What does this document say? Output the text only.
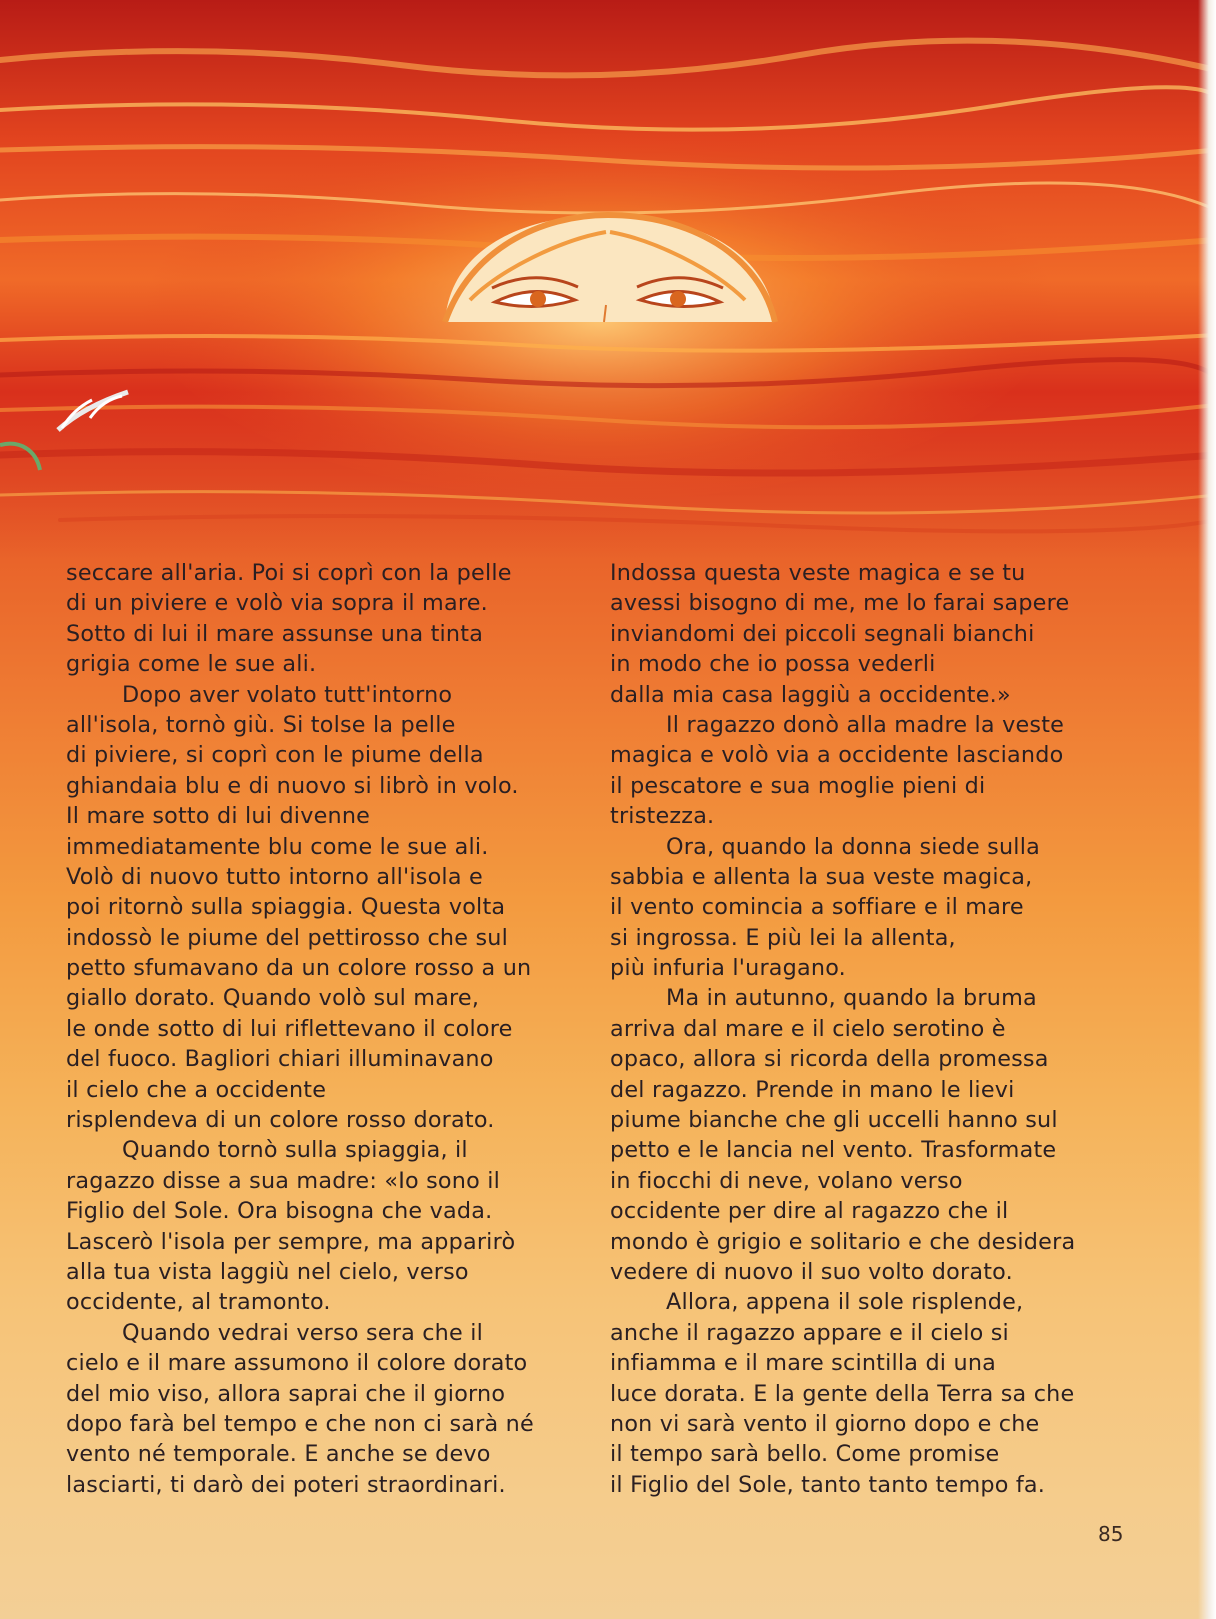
seccare all'aria. Poi si coprì con la pelle
di un piviere e volò via sopra il mare.
Sotto di lui il mare assunse una tinta
grigia come le sue ali.
Dopo aver volato tutt'intorno
all'isola, tornò giù. Si tolse la pelle
di piviere, si coprì con le piume della
ghiandaia blu e di nuovo si librò in volo.
Il mare sotto di lui divenne
immediatamente blu come le sue ali.
Volò di nuovo tutto intorno all'isola e
poi ritornò sulla spiaggia. Questa volta
indossò le piume del pettirosso che sul
petto sfumavano da un colore rosso a un
giallo dorato. Quando volò sul mare,
le onde sotto di lui riflettevano il colore
del fuoco. Bagliori chiari illuminavano
il cielo che a occidente
risplendeva di un colore rosso dorato.
Quando tornò sulla spiaggia, il
ragazzo disse a sua madre: «Io sono il
Figlio del Sole. Ora bisogna che vada.
Lascerò l'isola per sempre, ma apparirò
alla tua vista laggiù nel cielo, verso
occidente, al tramonto.
Quando vedrai verso sera che il
cielo e il mare assumono il colore dorato
del mio viso, allora saprai che il giorno
dopo farà bel tempo e che non ci sarà né
vento né temporale. E anche se devo
lasciarti, ti darò dei poteri straordinari.
Indossa questa veste magica e se tu
avessi bisogno di me, me lo farai sapere
inviandomi dei piccoli segnali bianchi
in modo che io possa vederli
dalla mia casa laggiù a occidente.»
Il ragazzo donò alla madre la veste
magica e volò via a occidente lasciando
il pescatore e sua moglie pieni di
tristezza.
Ora, quando la donna siede sulla
sabbia e allenta la sua veste magica,
il vento comincia a soffiare e il mare
si ingrossa. E più lei la allenta,
più infuria l'uragano.
Ma in autunno, quando la bruma
arriva dal mare e il cielo serotino è
opaco, allora si ricorda della promessa
del ragazzo. Prende in mano le lievi
piume bianche che gli uccelli hanno sul
petto e le lancia nel vento. Trasformate
in fiocchi di neve, volano verso
occidente per dire al ragazzo che il
mondo è grigio e solitario e che desidera
vedere di nuovo il suo volto dorato.
Allora, appena il sole risplende,
anche il ragazzo appare e il cielo si
infiamma e il mare scintilla di una
luce dorata. E la gente della Terra sa che
non vi sarà vento il giorno dopo e che
il tempo sarà bello. Come promise
il Figlio del Sole, tanto tanto tempo fa.
85
